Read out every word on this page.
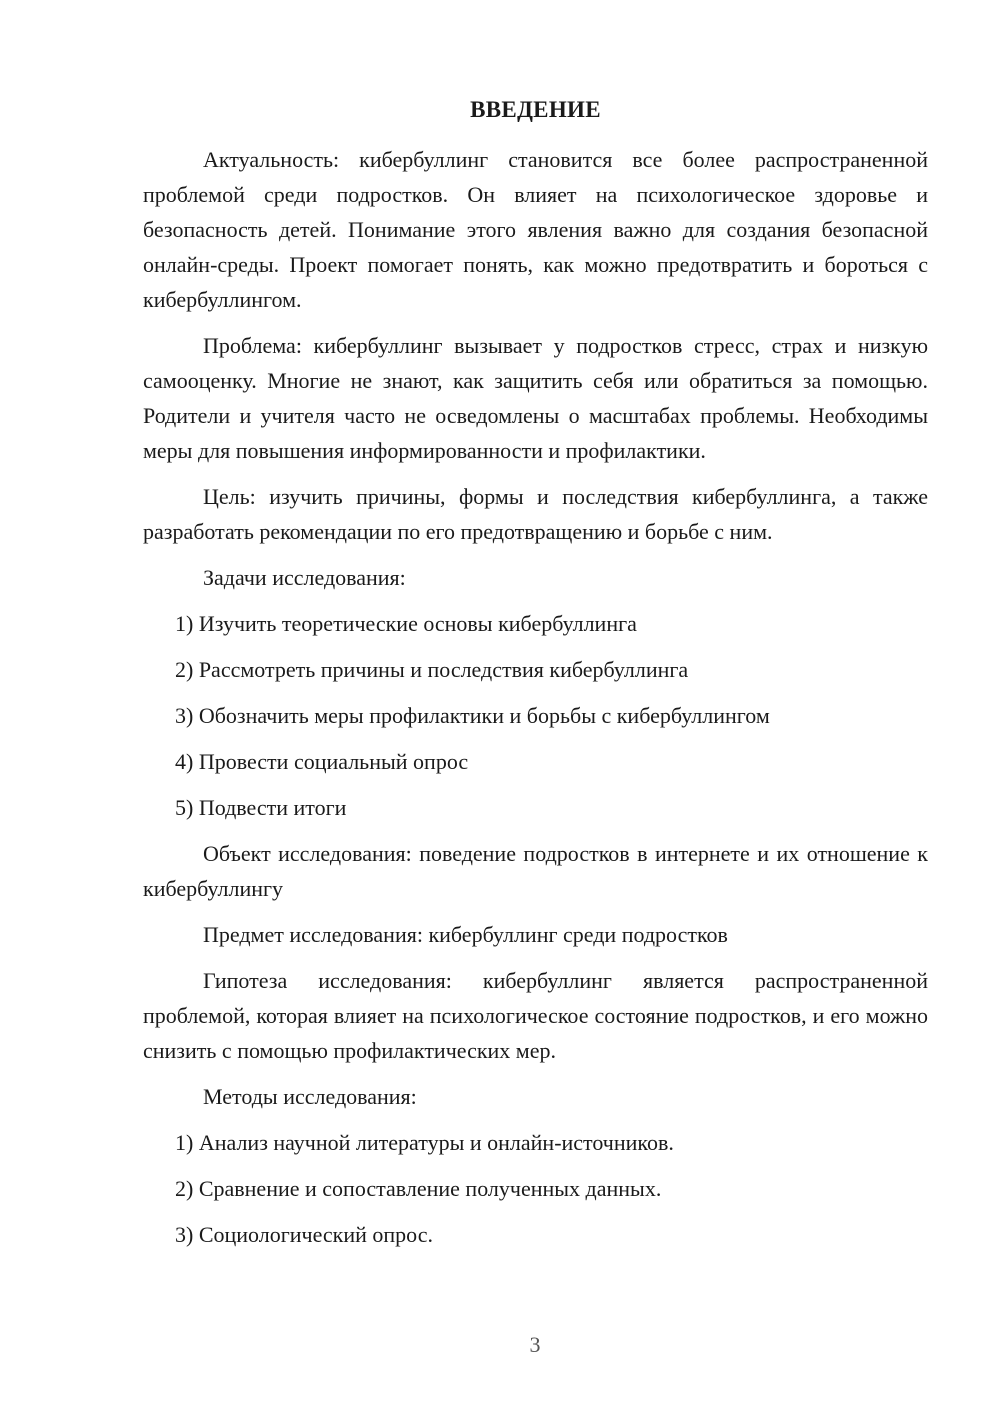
ВВЕДЕНИЕ

Актуальность: кибербуллинг становится все более распространенной проблемой среди подростков. Он влияет на психологическое здоровье и безопасность детей. Понимание этого явления важно для создания безопасной онлайн-среды. Проект помогает понять, как можно предотвратить и бороться с кибербуллингом.

Проблема: кибербуллинг вызывает у подростков стресс, страх и низкую самооценку. Многие не знают, как защитить себя или обратиться за помощью. Родители и учителя часто не осведомлены о масштабах проблемы. Необходимы меры для повышения информированности и профилактики.

Цель: изучить причины, формы и последствия кибербуллинга, а также разработать рекомендации по его предотвращению и борьбе с ним.

Задачи исследования:

1) Изучить теоретические основы кибербуллинга
2) Рассмотреть причины и последствия кибербуллинга
3) Обозначить меры профилактики и борьбы с кибербуллингом
4) Провести социальный опрос
5) Подвести итоги

Объект исследования: поведение подростков в интернете и их отношение к кибербуллингу

Предмет исследования: кибербуллинг среди подростков

Гипотеза исследования: кибербуллинг является распространенной проблемой, которая влияет на психологическое состояние подростков, и его можно снизить с помощью профилактических мер.

Методы исследования:

1) Анализ научной литературы и онлайн-источников.
2) Сравнение и сопоставление полученных данных.
3) Социологический опрос.
3
